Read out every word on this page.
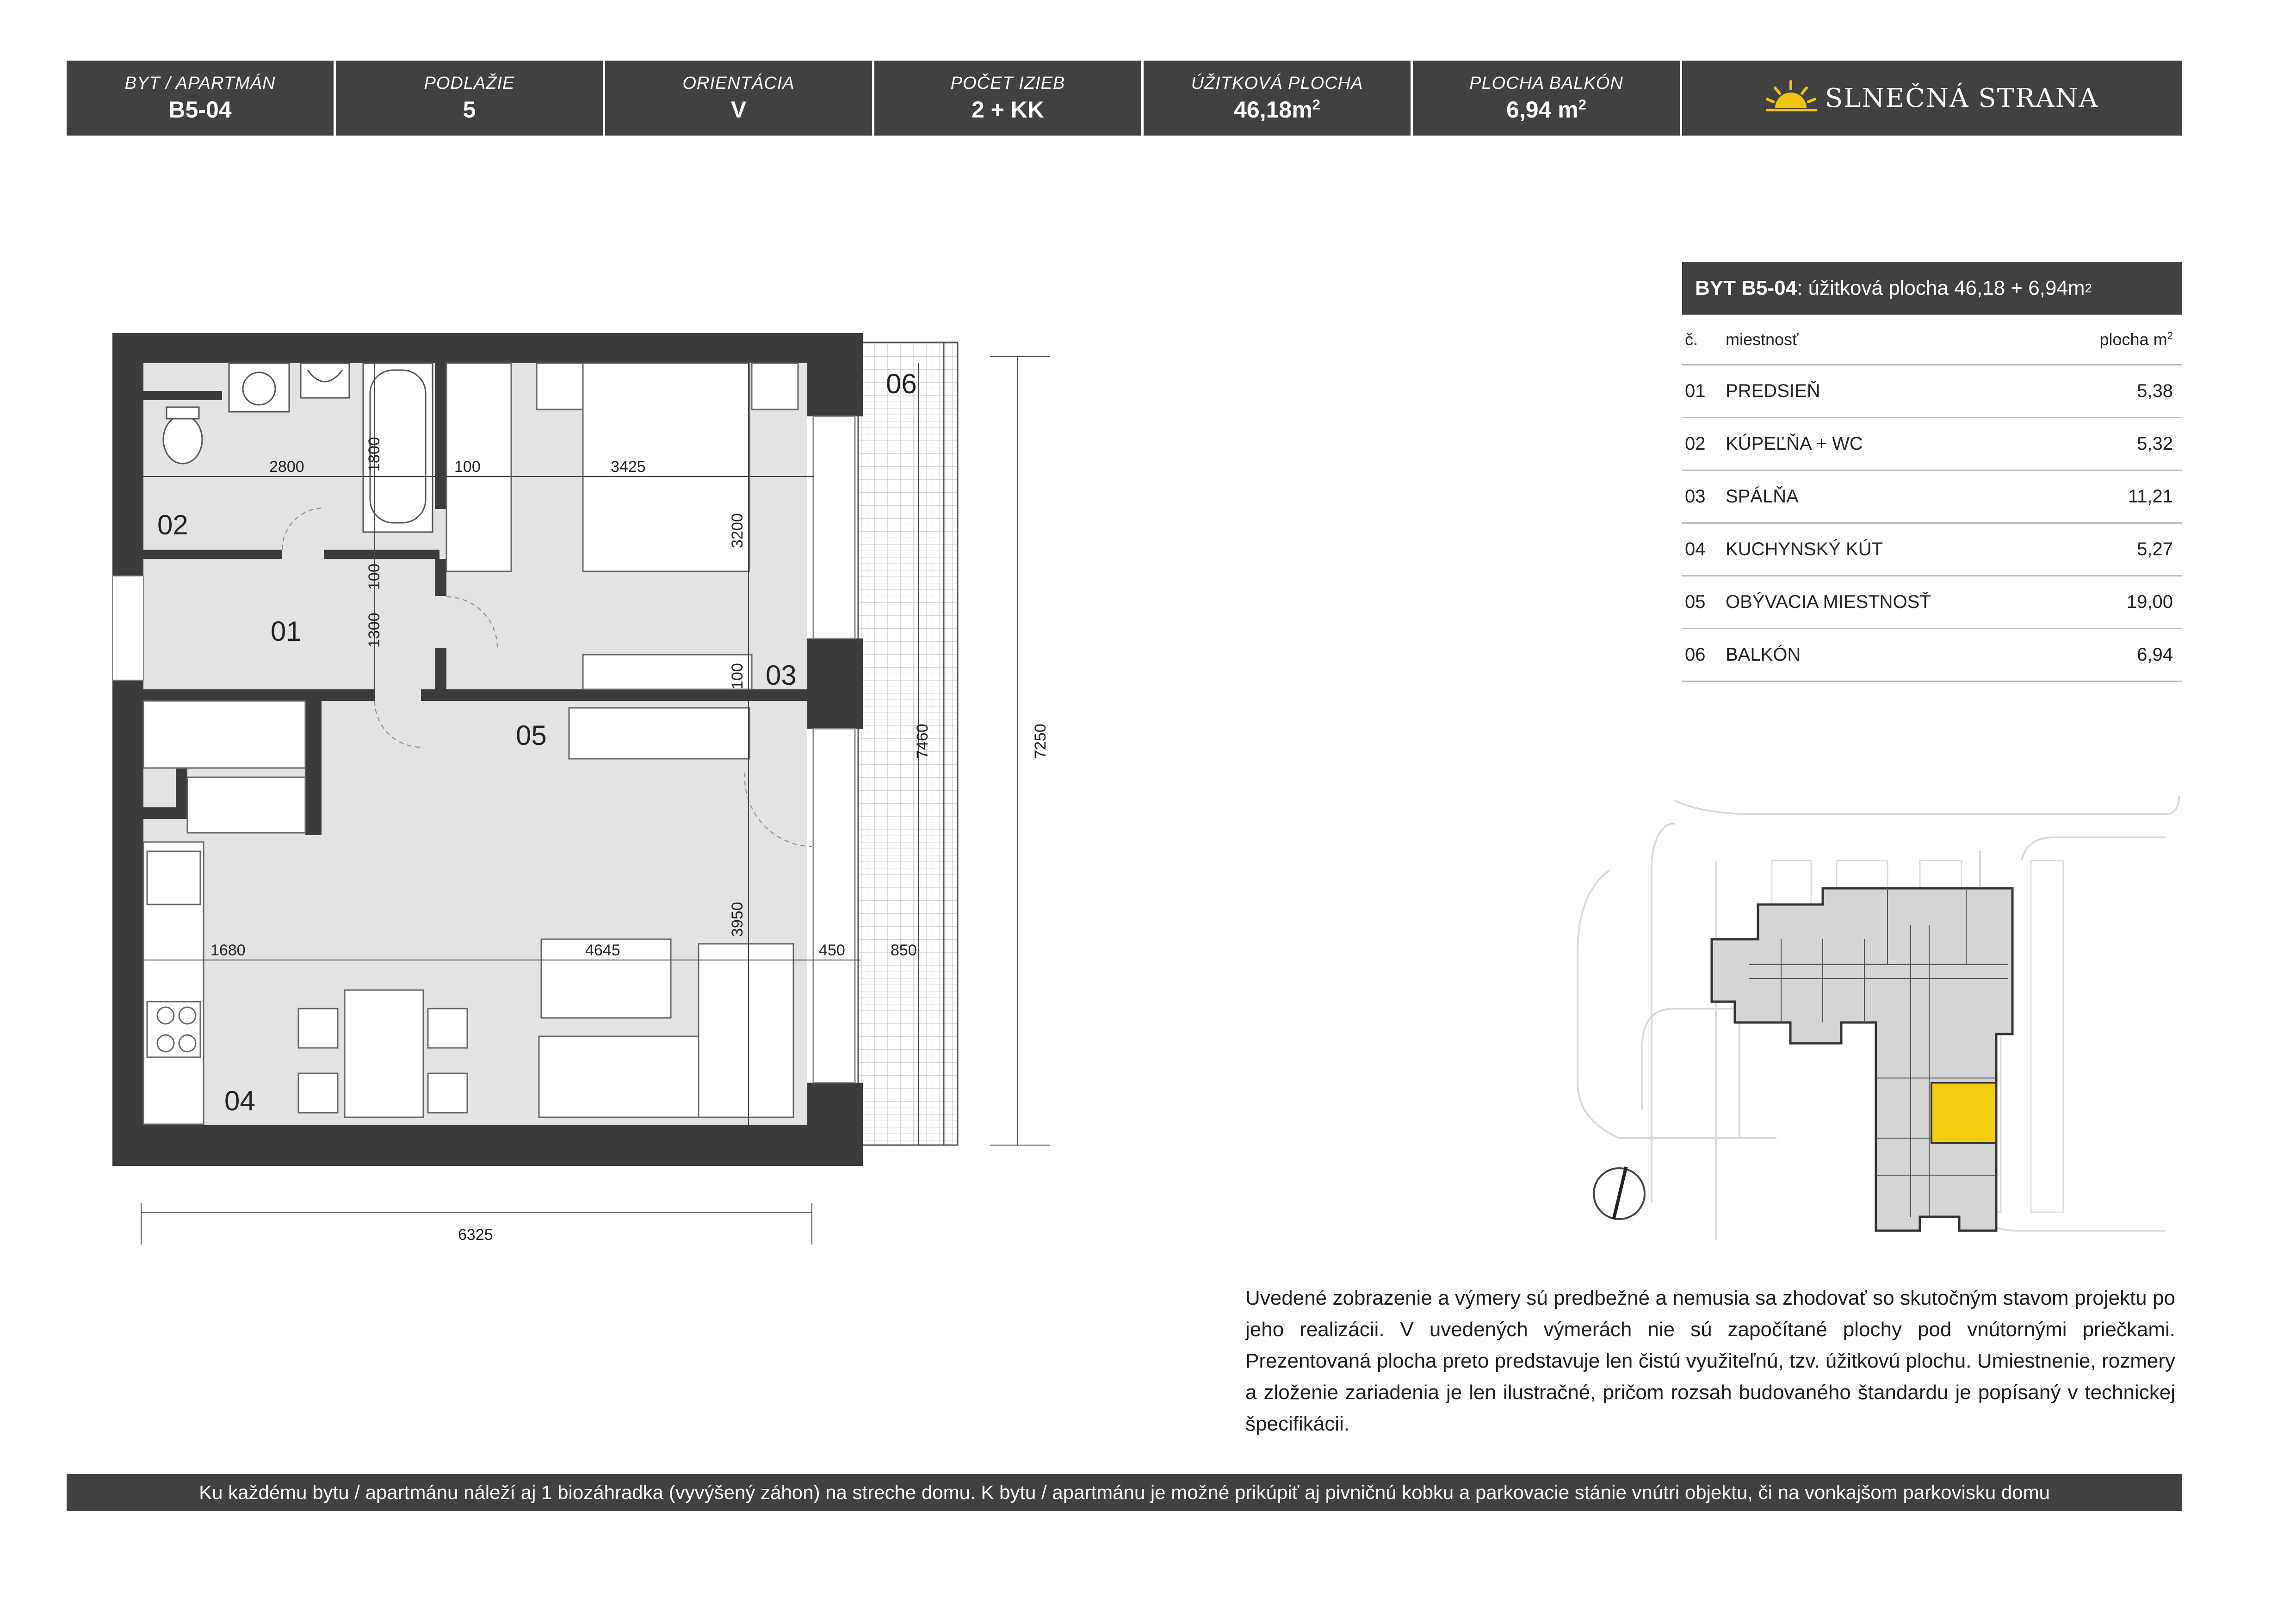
BYT / APARTMÁN
B5-04
PODLAŽIE
5
ORIENTÁCIA
V
POČET IZIEB
2 + KK
ÚŽITKOVÁ PLOCHA
$46,18m^2$
PLOCHA BALKÓN
6,94 $m^2$	SLNEČNÁ STRANA
01
02
03
04
05
06
2800	1800	100	3425
3200
100
1300
100
7460	7250
1680	4645
3950
450	850
6325
BYT B5-04 : úžitková plocha 46,18 + 6,94m 2
č. miestnosť	plocha $m^2$
01 PREDSIEŇ	5,38
02 KÚPEĽŇA + WC	5,32
03 SPÁLŇA	11,21
04 KUCHYNSKÝ KÚT	5,27
05 OBÝVACIA MIESTNOSŤ	19,00
06 BALKÓN	6,94
Uvedené zobrazenie a výmery sú predbežné a nemusia sa zhodovať so skutočným stavom projektu po jeho realizácii. V uvedených výmerách nie sú započítané plochy pod vnútornými priečkami. Prezentovaná plocha preto predstavuje len čistú využiteľnú, tzv. úžitkovú plochu. Umiestnenie, rozmery a zloženie zariadenia je len ilustračné, pričom rozsah budovaného štandardu je popísaný v technickej špecifikácii.
Ku každému bytu / apartmánu náleží aj 1 biozáhradka (vyvýšený záhon) na streche domu. K bytu / apartmánu je možné prikúpiť aj pivničnú kobku a parkovacie stánie vnútri objektu, či na vonkajšom parkovisku domu
